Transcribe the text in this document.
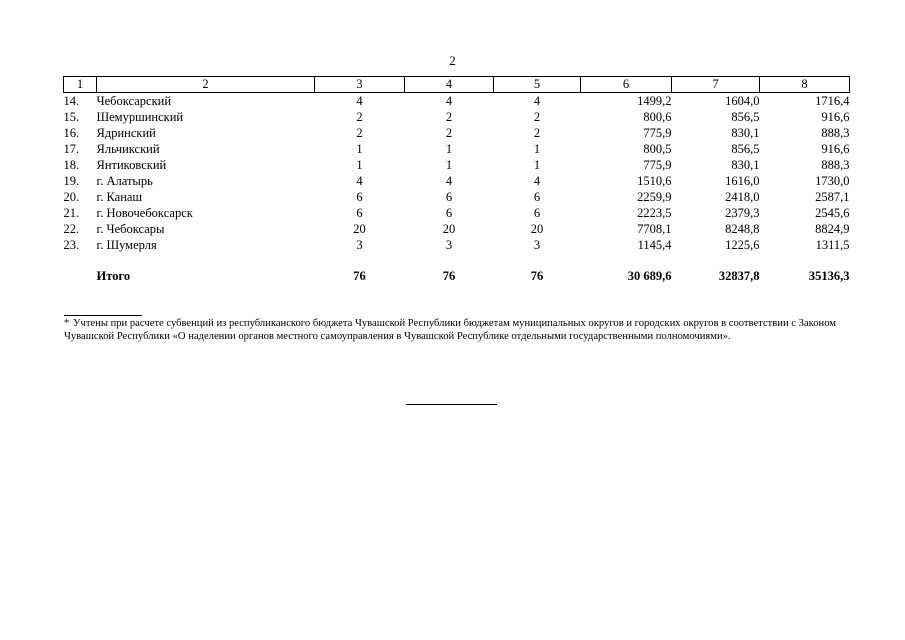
2
1	2	3	4	5	6	7	8
14.	Чебоксарский	4	4	4	1499,2	1604,0	1716,4
15.	Шемуршинский	2	2	2	800,6	856,5	916,6
16.	Ядринский	2	2	2	775,9	830,1	888,3
17.	Яльчикский	1	1	1	800,5	856,5	916,6
18.	Янтиковский	1	1	1	775,9	830,1	888,3
19.	г. Алатырь	4	4	4	1510,6	1616,0	1730,0
20.	г. Канаш	6	6	6	2259,9	2418,0	2587,1
21.	г. Новочебоксарск	6	6	6	2223,5	2379,3	2545,6
22.	г. Чебоксары	20	20	20	7708,1	8248,8	8824,9
23.	г. Шумерля	3	3	3	1145,4	1225,6	1311,5

	Итого	76	76	76	30 689,6	32837,8	35136,3
* Учтены при расчете субвенций из республиканского бюджета Чувашской Республики бюджетам муниципальных округов и городских округов в соответствии с Законом Чувашской Республики «О наделении органов местного самоуправления в Чувашской Республике отдельными государственными полномочиями».
